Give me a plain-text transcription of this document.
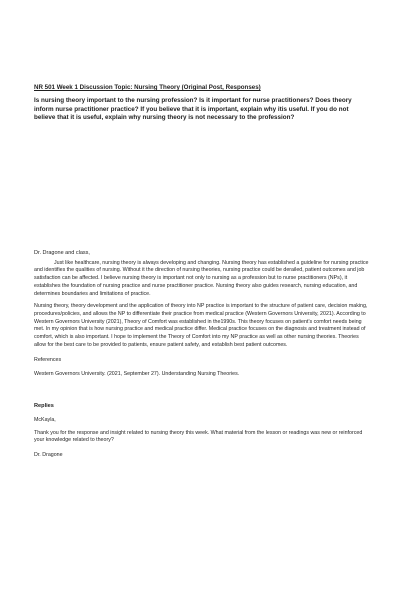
NR 501 Week 1 Discussion Topic: Nursing Theory (Original Post, Responses)

Is nursing theory important to the nursing profession? Is it important for nurse practitioners? Does theory inform nurse practitioner practice? If you believe that it is important, explain why itis useful. If you do not believe that it is useful, explain why nursing theory is not necessary to the profession?

Dr. Dragone and class,

Just like healthcare, nursing theory is always developing and changing. Nursing theory has established a guideline for nursing practice and identifies the qualities of nursing. Without it the direction of nursing theories, nursing practice could be derailed, patient outcomes and job satisfaction can be affected. I believe nursing theory is important not only to nursing as a profession but to nurse practitioners (NPs), it establishes the foundation of nursing practice and nurse practitioner practice. Nursing theory also guides research, nursing education, and determines boundaries and limitations of practice.

Nursing theory, theory development and the application of theory into NP practice is important to the structure of patient care, decision making, procedures/policies, and allows the NP to differentiate their practice from medical practice (Western Governors University, 2021). According to Western Governors University (2021), Theory of Comfort was established in the1990s. This theory focuses on patient’s comfort needs being met. In my opinion that is how nursing practice and medical practice differ. Medical practice focuses on the diagnosis and treatment instead of comfort, which is also important. I hope to implement the Theory of Comfort into my NP practice as well as other nursing theories. Theories allow for the best care to be provided to patients, ensure patient safety, and establish best patient outcomes.

References

Western Governors University. (2021, September 27). Understanding Nursing Theories.

Replies

McKayla,

Thank you for the response and insight related to nursing theory this week. What material from the lesson or readings was new or reinforced your knowledge related to theory?

Dr. Dragone
